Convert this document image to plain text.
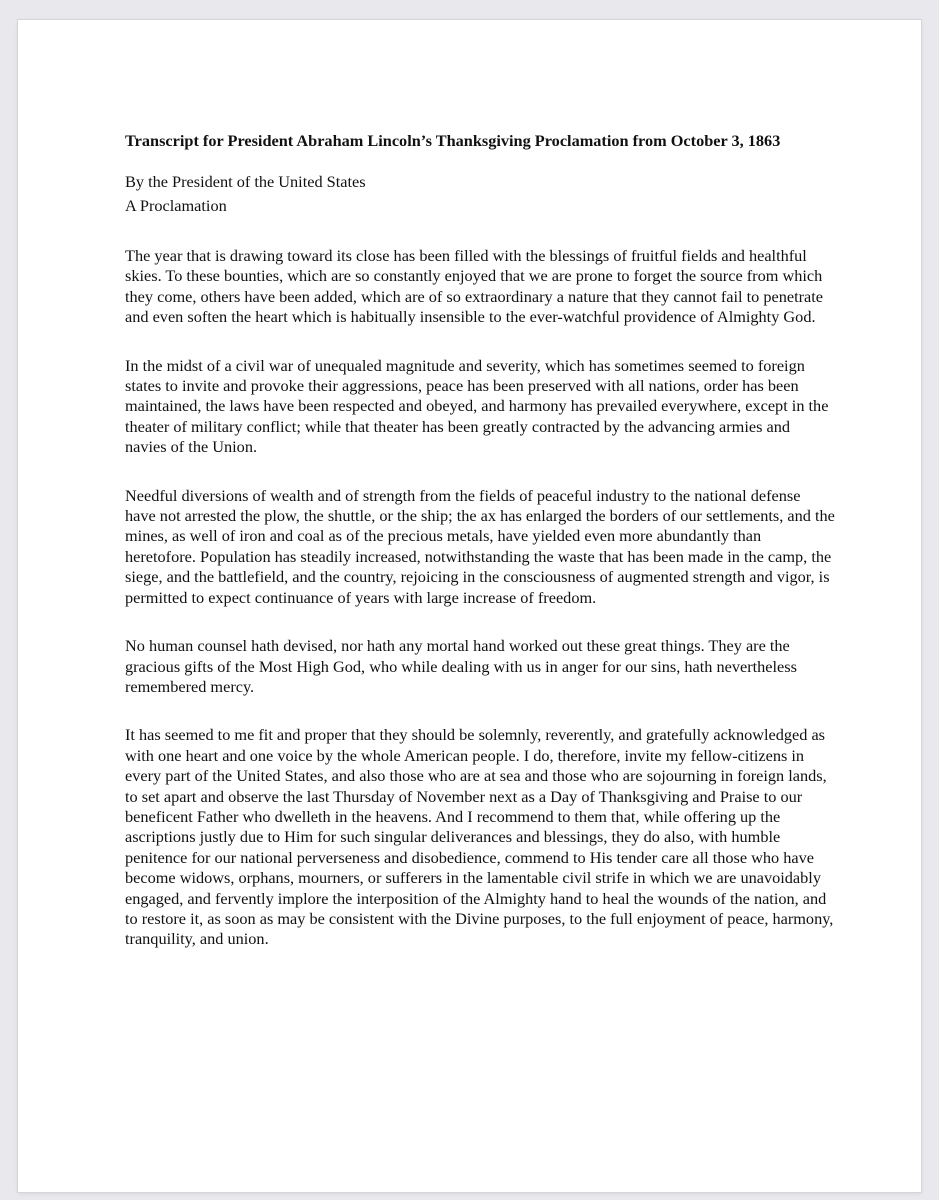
Transcript for President Abraham Lincoln’s Thanksgiving Proclamation from October 3, 1863
By the President of the United States
A Proclamation

The year that is drawing toward its close has been filled with the blessings of fruitful fields and healthful skies. To these bounties, which are so constantly enjoyed that we are prone to forget the source from which they come, others have been added, which are of so extraordinary a nature that they cannot fail to penetrate and even soften the heart which is habitually insensible to the ever-watchful providence of Almighty God.

In the midst of a civil war of unequaled magnitude and severity, which has sometimes seemed to foreign states to invite and provoke their aggressions, peace has been preserved with all nations, order has been maintained, the laws have been respected and obeyed, and harmony has prevailed everywhere, except in the theater of military conflict; while that theater has been greatly contracted by the advancing armies and navies of the Union.

Needful diversions of wealth and of strength from the fields of peaceful industry to the national defense have not arrested the plow, the shuttle, or the ship; the ax has enlarged the borders of our settlements, and the mines, as well of iron and coal as of the precious metals, have yielded even more abundantly than heretofore. Population has steadily increased, notwithstanding the waste that has been made in the camp, the siege, and the battlefield, and the country, rejoicing in the consciousness of augmented strength and vigor, is permitted to expect continuance of years with large increase of freedom.

No human counsel hath devised, nor hath any mortal hand worked out these great things. They are the gracious gifts of the Most High God, who while dealing with us in anger for our sins, hath nevertheless remembered mercy.

It has seemed to me fit and proper that they should be solemnly, reverently, and gratefully acknowledged as with one heart and one voice by the whole American people. I do, therefore, invite my fellow-citizens in every part of the United States, and also those who are at sea and those who are sojourning in foreign lands, to set apart and observe the last Thursday of November next as a Day of Thanksgiving and Praise to our beneficent Father who dwelleth in the heavens. And I recommend to them that, while offering up the ascriptions justly due to Him for such singular deliverances and blessings, they do also, with humble penitence for our national perverseness and disobedience, commend to His tender care all those who have become widows, orphans, mourners, or sufferers in the lamentable civil strife in which we are unavoidably engaged, and fervently implore the interposition of the Almighty hand to heal the wounds of the nation, and to restore it, as soon as may be consistent with the Divine purposes, to the full enjoyment of peace, harmony, tranquility, and union.
